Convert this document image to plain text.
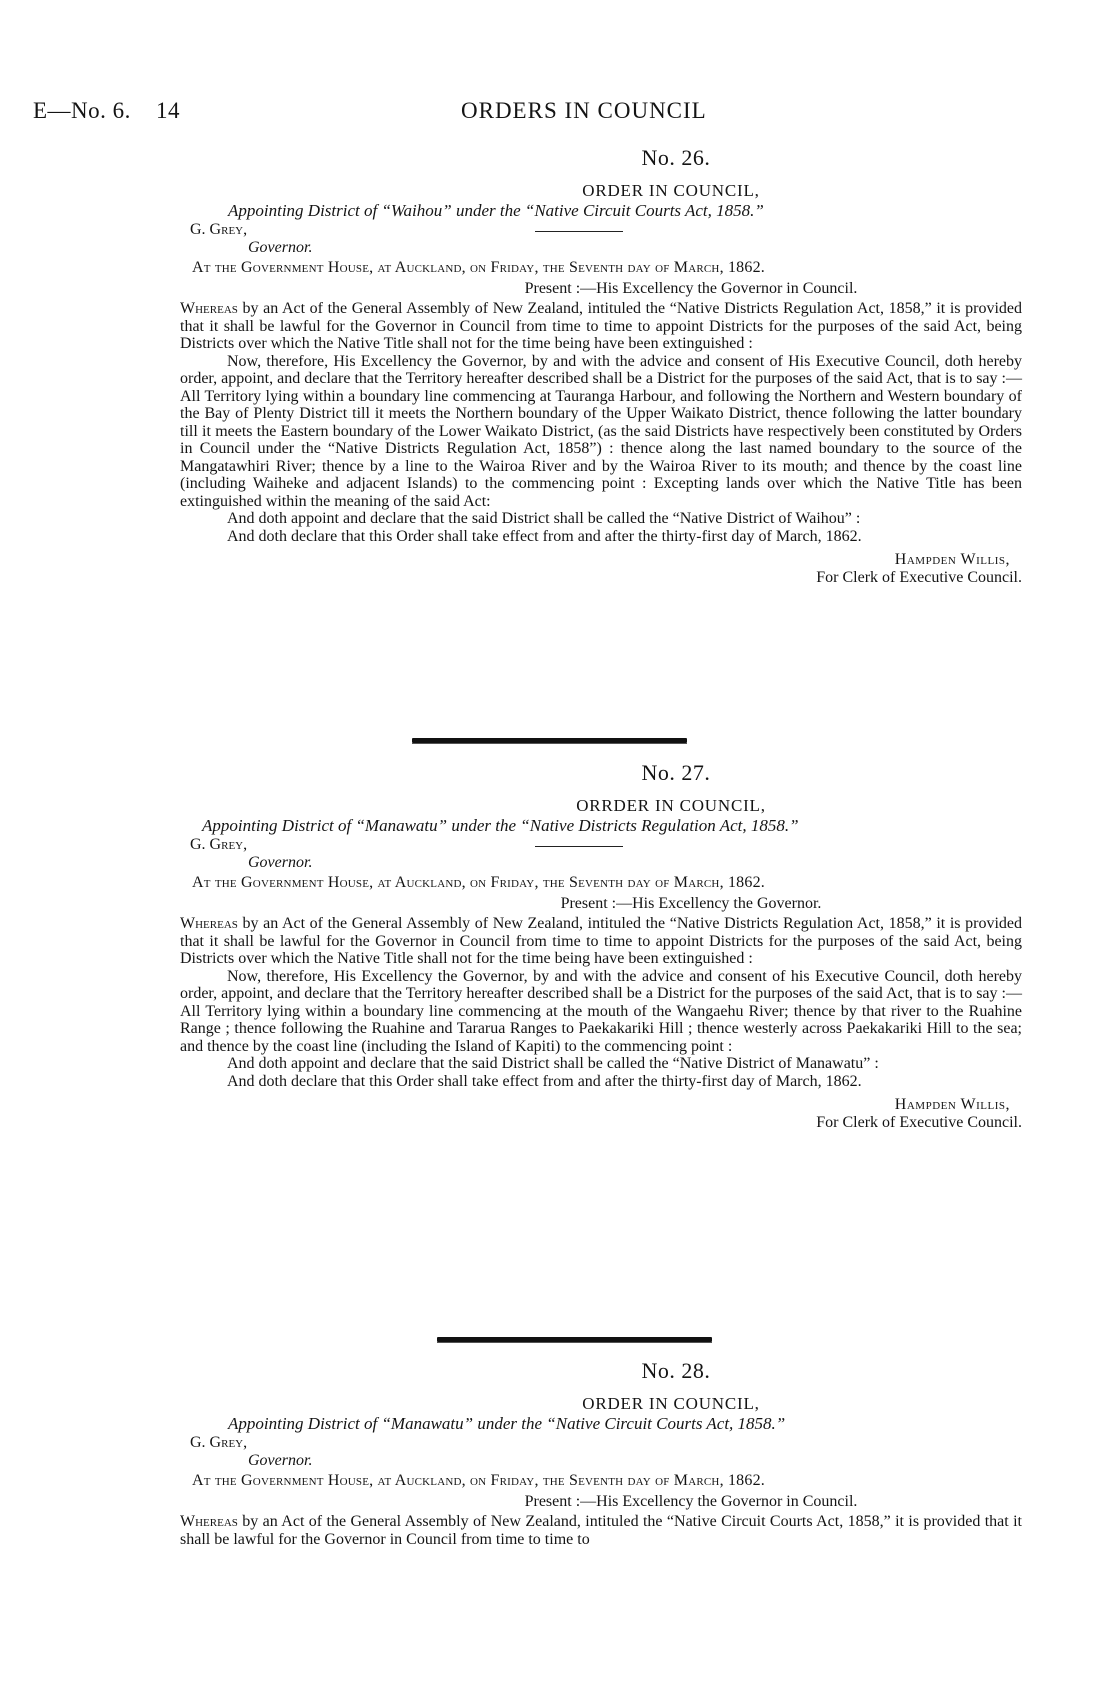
E—No. 6. 14	ORDERS IN COUNCIL
No. 26.
ORDER IN COUNCIL,
Appointing District of “Waihou” under the “Native Circuit Courts Act, 1858.”
G. Grey,
Governor.
At the Government House, at Auckland, on Friday, the Seventh day of March, 1862.
Present :—His Excellency the Governor in Council.

Whereas by an Act of the General Assembly of New Zealand, intituled the “Native Districts Regulation Act, 1858,” it is provided that it shall be lawful for the Governor in Council from time to time to appoint Districts for the purposes of the said Act, being Districts over which the Native Title shall not for the time being have been extinguished :

Now, therefore, His Excellency the Governor, by and with the advice and consent of His Executive Council, doth hereby order, appoint, and declare that the Territory hereafter described shall be a District for the purposes of the said Act, that is to say :—All Territory lying within a boundary line commencing at Tauranga Harbour, and following the Northern and Western boundary of the Bay of Plenty District till it meets the Northern boundary of the Upper Waikato District, thence following the latter boundary till it meets the Eastern boundary of the Lower Waikato District, (as the said Districts have respectively been constituted by Orders in Council under the “Native Districts Regulation Act, 1858”) : thence along the last named boundary to the source of the Mangatawhiri River; thence by a line to the Wairoa River and by the Wairoa River to its mouth; and thence by the coast line (including Waiheke and adjacent Islands) to the commencing point : Excepting lands over which the Native Title has been extinguished within the meaning of the said Act:

And doth appoint and declare that the said District shall be called the “Native District of Waihou” :

And doth declare that this Order shall take effect from and after the thirty-first day of March, 1862.

Hampden Willis,
For Clerk of Executive Council.
No. 27.
ORRDER IN COUNCIL,
Appointing District of “Manawatu” under the “Native Districts Regulation Act, 1858.”
G. Grey,
Governor.
At the Government House, at Auckland, on Friday, the Seventh day of March, 1862.
Present :—His Excellency the Governor.

Whereas by an Act of the General Assembly of New Zealand, intituled the “Native Districts Regulation Act, 1858,” it is provided that it shall be lawful for the Governor in Council from time to time to appoint Districts for the purposes of the said Act, being Districts over which the Native Title shall not for the time being have been extinguished :

Now, therefore, His Excellency the Governor, by and with the advice and consent of his Executive Council, doth hereby order, appoint, and declare that the Territory hereafter described shall be a District for the purposes of the said Act, that is to say :—All Territory lying within a boundary line commencing at the mouth of the Wangaehu River; thence by that river to the Ruahine Range ; thence following the Ruahine and Tararua Ranges to Paekakariki Hill ; thence westerly across Paekakariki Hill to the sea; and thence by the coast line (including the Island of Kapiti) to the commencing point :

And doth appoint and declare that the said District shall be called the “Native District of Manawatu” :

And doth declare that this Order shall take effect from and after the thirty-first day of March, 1862.

Hampden Willis,
For Clerk of Executive Council.
No. 28.
ORDER IN COUNCIL,
Appointing District of “Manawatu” under the “Native Circuit Courts Act, 1858.”
G. Grey,
Governor.
At the Government House, at Auckland, on Friday, the Seventh day of March, 1862.
Present :—His Excellency the Governor in Council.

Whereas by an Act of the General Assembly of New Zealand, intituled the “Native Circuit Courts Act, 1858,” it is provided that it shall be lawful for the Governor in Council from time to time to
